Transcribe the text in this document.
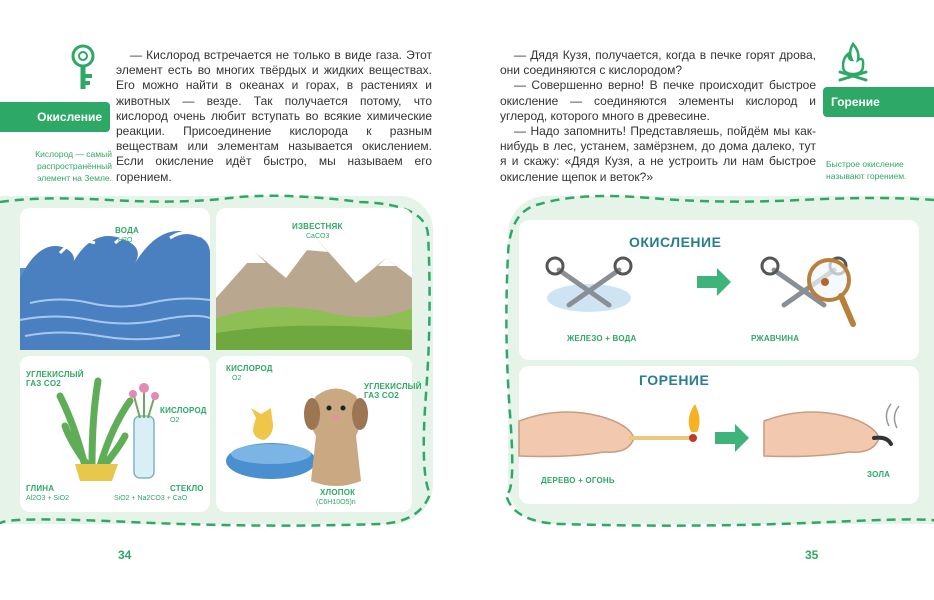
Окисление
Кислород — самый распространённый элемент на Земле.

— Кислород встречается не только в виде газа. Этот элемент есть во многих твёрдых и жидких веществах. Его можно найти в океанах и горах, в растениях и животных — везде. Так получается потому, что кислород очень любит вступать во всякие химические реакции. Присоединение кислорода к разным веществам или элементам называется окислением. Если окисление идёт быстро, мы называем его горением.

ВОДА
H2O
ИЗВЕСТНЯК
CaCO3
УГЛЕКИСЛЫЙ ГАЗ CO2
КИСЛОРОД
O2
ГЛИНА
Al2O3 + SiO2
СТЕКЛО
SiO2 + Na2CO3 + CaO
КИСЛОРОД
O2
УГЛЕКИСЛЫЙ ГАЗ CO2
ХЛОПОК
(C6H10O5)n
34
Горение
Быстрое окисление называют горением.

— Дядя Кузя, получается, когда в печке горят дрова, они соединяются с кислородом?

— Совершенно верно! В печке происходит быстрое окисление — соединяются элементы кислород и углерод, которого много в древесине.

— Надо запомнить! Представляешь, пойдём мы как-нибудь в лес, устанем, замёрзнем, до дома далеко, тут я и скажу: «Дядя Кузя, а не устроить ли нам быстрое окисление щепок и веток?»

ОКИСЛЕНИЕ
ЖЕЛЕЗО + ВОДА	РЖАВЧИНА
ГОРЕНИЕ
ДЕРЕВО + ОГОНЬ
ЗОЛА
35
